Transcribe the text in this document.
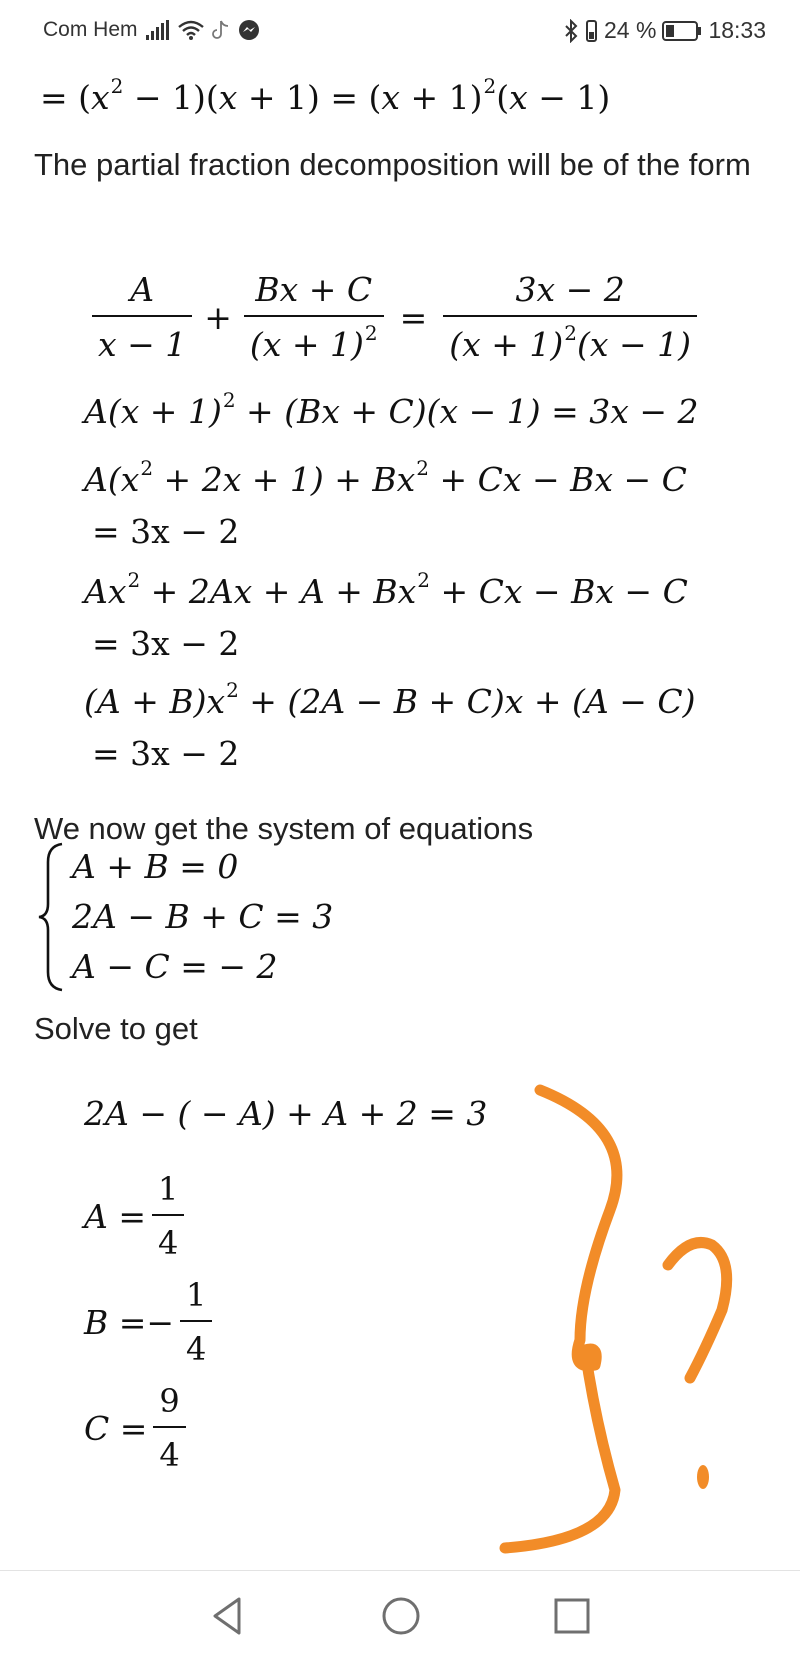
Com Hem	24 % 18:33
= $(x^2 - 1)(x + 1) = (x + 1)^2(x - 1)$
The partial fraction decomposition will be of the form
$\frac{A}{x - 1} + \frac{Bx + C}{(x + 1)^2} = \frac{3x - 2}{(x + 1)^2(x - 1)}$
$A(x + 1)^2 + (Bx + C)(x - 1) = 3x - 2$
$A(x^2 + 2x + 1) + Bx^2 + Cx - Bx - C$
= 3x − 2
$Ax^2 + 2Ax + A + Bx^2 + Cx - Bx - C$
= 3x − 2
$(A + B)x^2 + (2A - B + C)x + (A - C)$
= 3x − 2
We now get the system of equations
A + B = 0
2A − B + C = 3
A − C = − 2
Solve to get
2A − ( − A) + A + 2 = 3
$A = \frac{1}{4}$
B = − $\frac{1}{4}$
$C = \frac{9}{4}$
?
